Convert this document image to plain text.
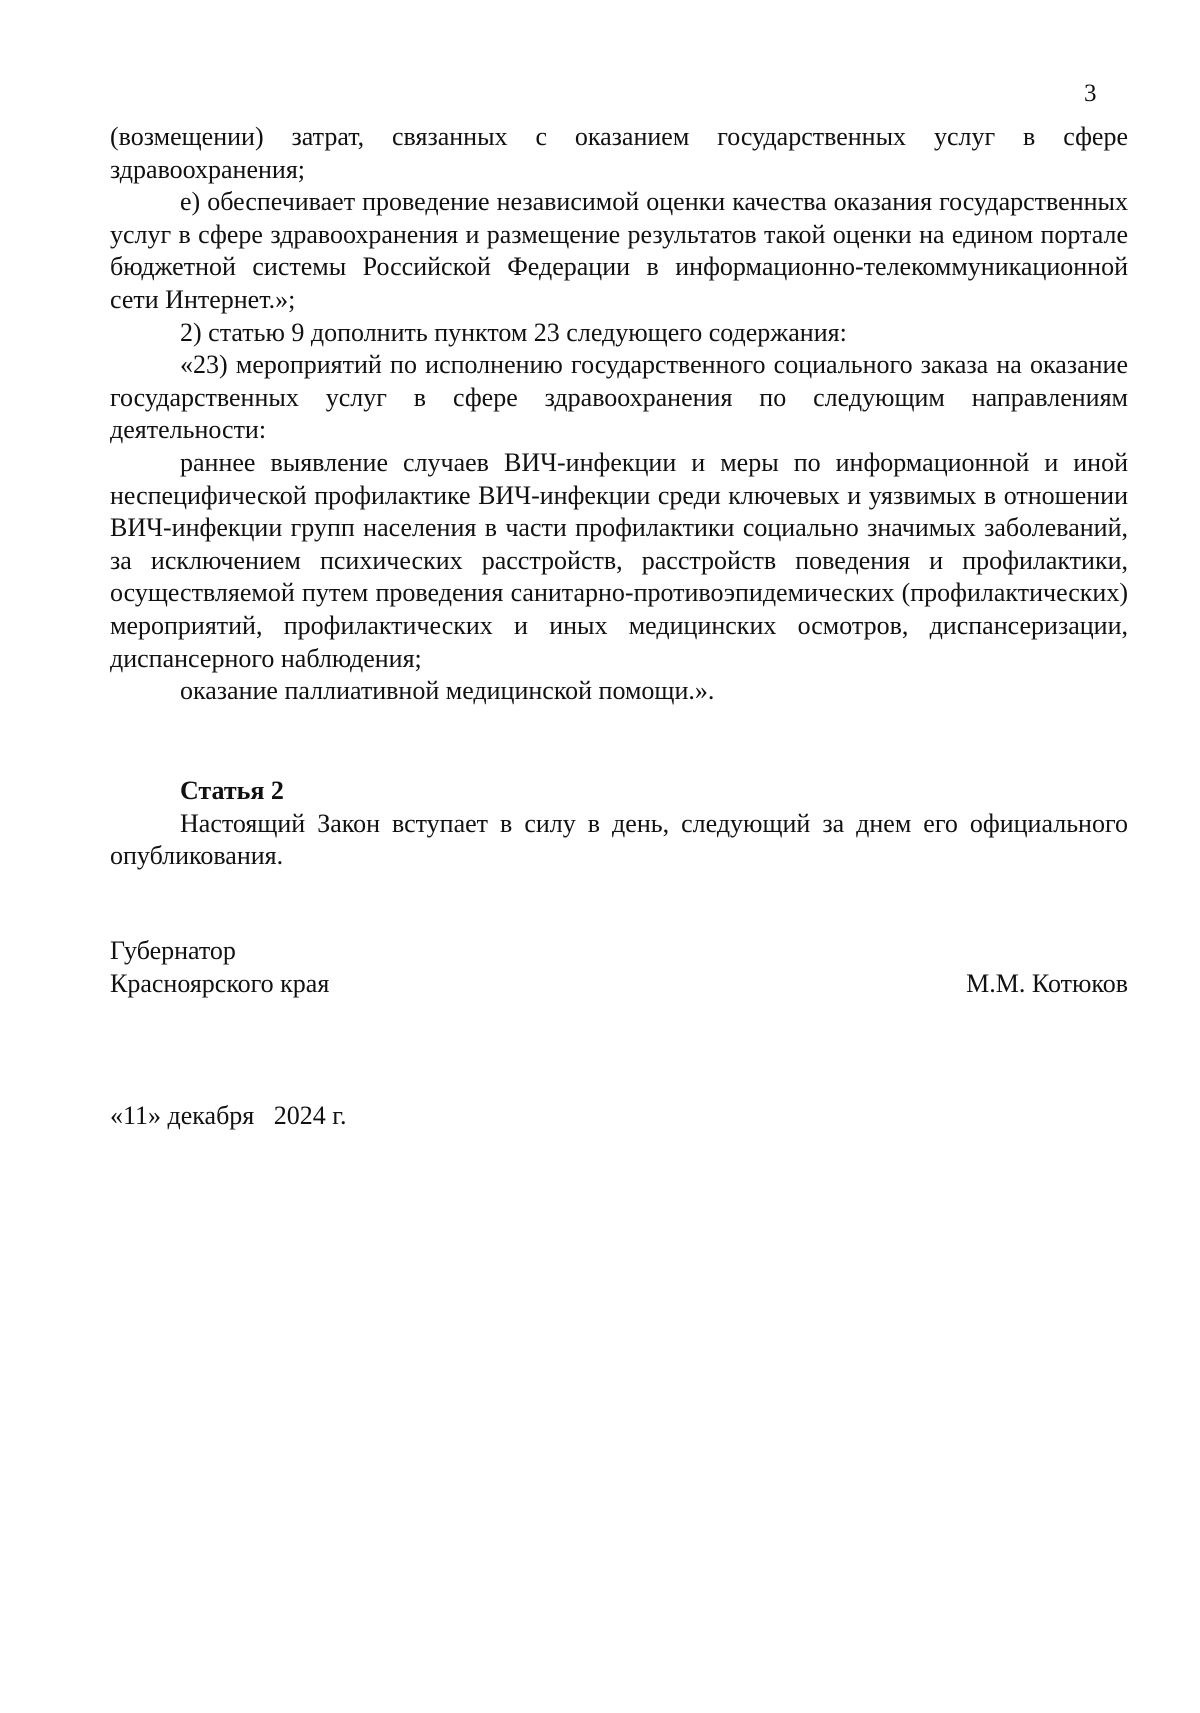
3

(возмещении) затрат, связанных с оказанием государственных услуг в сфере здравоохранения;

е) обеспечивает проведение независимой оценки качества оказания государственных услуг в сфере здравоохранения и размещение результатов такой оценки на едином портале бюджетной системы Российской Федерации в информационно-телекоммуникационной сети Интернет.»;

2) статью 9 дополнить пунктом 23 следующего содержания:

«23) мероприятий по исполнению государственного социального заказа на оказание государственных услуг в сфере здравоохранения по следующим направлениям деятельности:

раннее выявление случаев ВИЧ-инфекции и меры по информационной и иной неспецифической профилактике ВИЧ-инфекции среди ключевых и уязвимых в отношении ВИЧ-инфекции групп населения в части профилактики социально значимых заболеваний, за исключением психических расстройств, расстройств поведения и профилактики, осуществляемой путем проведения санитарно-противоэпидемических (профилактических) мероприятий, профилактических и иных медицинских осмотров, диспансеризации, диспансерного наблюдения;

оказание паллиативной медицинской помощи.».

Статья 2

Настоящий Закон вступает в силу в день, следующий за днем его официального опубликования.

Губернатор
Красноярского края	М.М. Котюков
«11» декабря   2024 г.
